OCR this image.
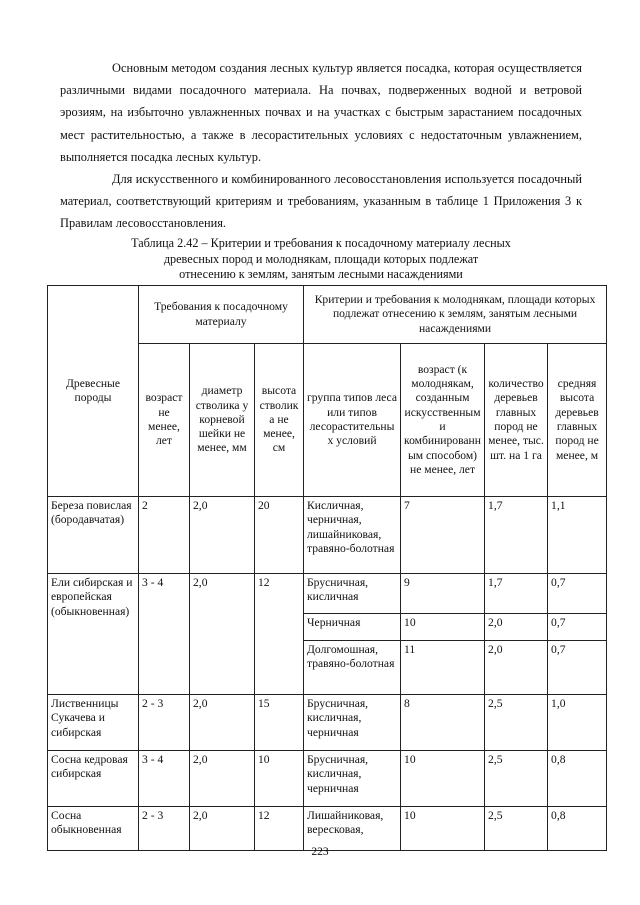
Основным методом создания лесных культур является посадка, которая осуществляется различными видами посадочного материала. На почвах, подверженных водной и ветровой эрозиям, на избыточно увлажненных почвах и на участках с быстрым зарастанием посадочных мест растительностью, а также в лесорастительных условиях с недостаточным увлажнением, выполняется посадка лесных культур.

Для искусственного и комбинированного лесовосстановления используется посадочный материал, соответствующий критериям и требованиям, указанным в таблице 1 Приложения 3 к Правилам лесовосстановления.

Таблица 2.42 – Критерии и требования к посадочному материалу лесных
древесных пород и молоднякам, площади которых подлежат
отнесению к землям, занятым лесными насаждениями
Древесные породы	Требования к посадочному материалу			Критерии и требования к молоднякам, площади которых подлежат отнесению к землям, занятым лесными насаждениями			
	возраст не менее, лет	диаметр стволика у корневой шейки не менее, мм	высота стволика не менее, см	группа типов леса или типов лесорастительных условий	возраст (к молоднякам, созданным искусственным и комбинированным способом) не менее, лет	количество деревьев главных пород не менее, тыс. шт. на 1 га	средняя высота деревьев главных пород не менее, м
Береза повислая (бородавчатая)	2	2,0	20	Кисличная, черничная, лишайниковая, травяно-болотная	7	1,7	1,1
Ели сибирская и европейская (обыкновенная)	3 - 4	2,0	12	Брусничная, кисличная	9	1,7	0,7
				Черничная	10	2,0	0,7
				Долгомошная, травяно-болотная	11	2,0	0,7
Лиственницы Сукачева и сибирская	2 - 3	2,0	15	Брусничная, кисличная, черничная	8	2,5	1,0
Сосна кедровая сибирская	3 - 4	2,0	10	Брусничная, кисличная, черничная	10	2,5	0,8
Сосна обыкновенная	2 - 3	2,0	12	Лишайниковая, вересковая,	10	2,5	0,8
223
